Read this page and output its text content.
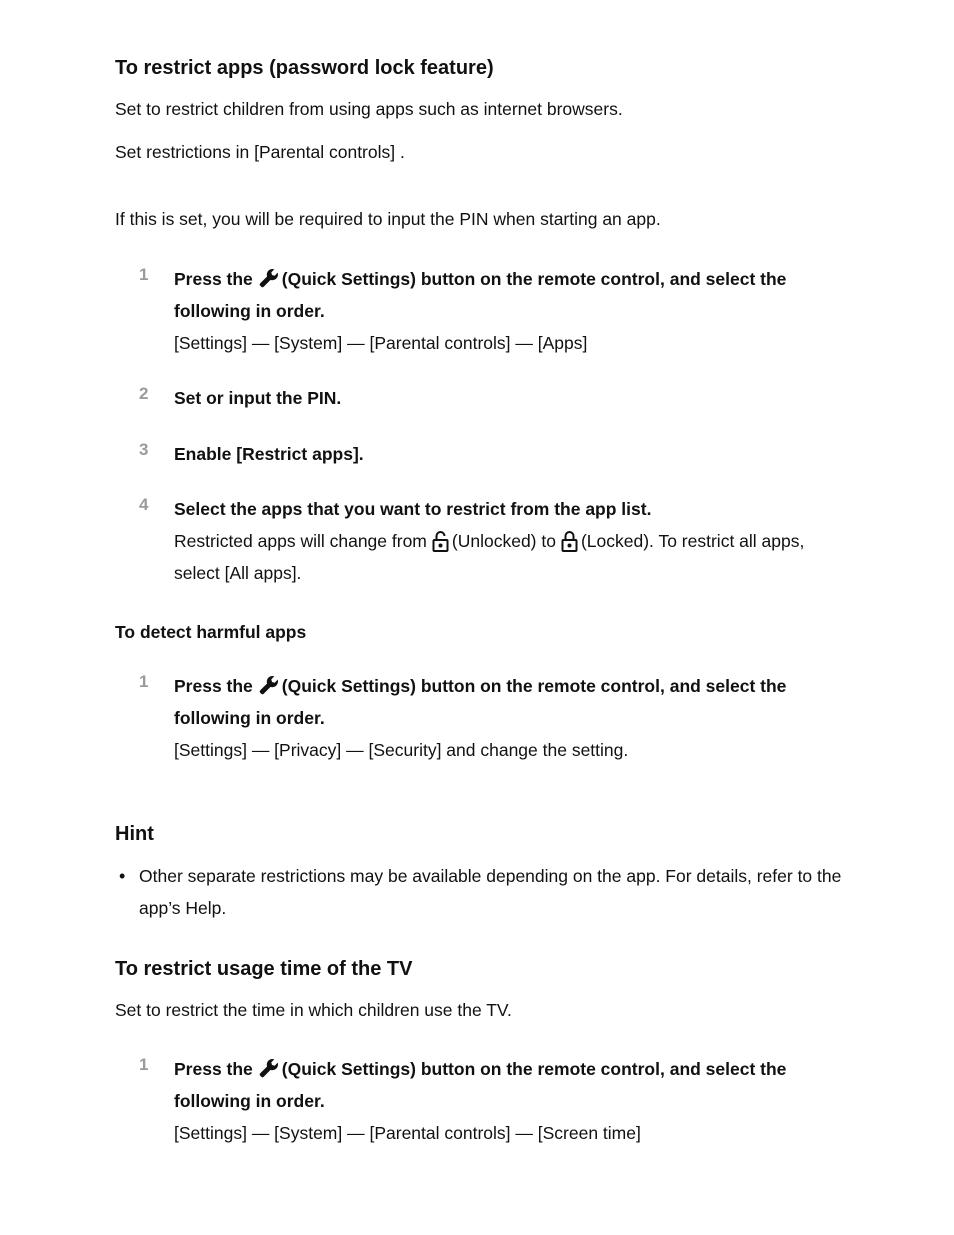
To restrict apps (password lock feature)

Set to restrict children from using apps such as internet browsers.

Set restrictions in [Parental controls] .

If this is set, you will be required to input the PIN when starting an app.

1 Press the (Quick Settings) button on the remote control, and select the following in order.
[Settings] — [System] — [Parental controls] — [Apps]
2 Set or input the PIN.
3 Enable [Restrict apps].
4 Select the apps that you want to restrict from the app list.
Restricted apps will change from (Unlocked) to (Locked). To restrict all apps, select [All apps].
To detect harmful apps
1 Press the (Quick Settings) button on the remote control, and select the following in order.
[Settings] — [Privacy] — [Security] and change the setting.
Hint
• Other separate restrictions may be available depending on the app. For details, refer to the app’s Help.
To restrict usage time of the TV

Set to restrict the time in which children use the TV.

1 Press the (Quick Settings) button on the remote control, and select the following in order.
[Settings] — [System] — [Parental controls] — [Screen time]
